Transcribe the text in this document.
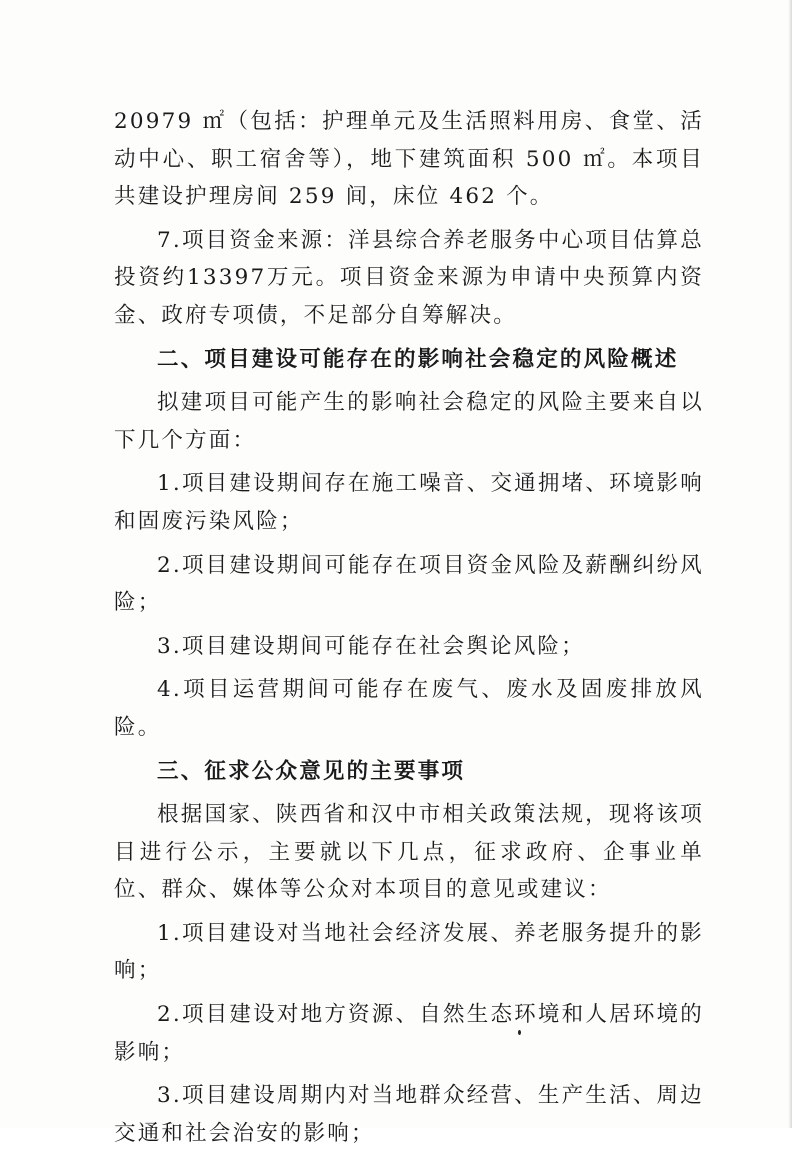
20979 ㎡（包括：护理单元及生活照料用房、食堂、活动中心、职工宿舍等），地下建筑面积 500 ㎡。本项目共建设护理房间 259 间，床位 462 个。

7.项目资金来源：洋县综合养老服务中心项目估算总投资约13397万元。项目资金来源为申请中央预算内资金、政府专项债，不足部分自筹解决。

二、项目建设可能存在的影响社会稳定的风险概述

拟建项目可能产生的影响社会稳定的风险主要来自以下几个方面：

1.项目建设期间存在施工噪音、交通拥堵、环境影响和固废污染风险；

2.项目建设期间可能存在项目资金风险及薪酬纠纷风险；

3.项目建设期间可能存在社会舆论风险；

4.项目运营期间可能存在废气、废水及固废排放风险。

三、征求公众意见的主要事项

根据国家、陕西省和汉中市相关政策法规，现将该项目进行公示，主要就以下几点，征求政府、企事业单位、群众、媒体等公众对本项目的意见或建议：

1.项目建设对当地社会经济发展、养老服务提升的影响；

2.项目建设对地方资源、自然生态环境和人居环境的影响；

3.项目建设周期内对当地群众经营、生产生活、周边交通和社会治安的影响；
